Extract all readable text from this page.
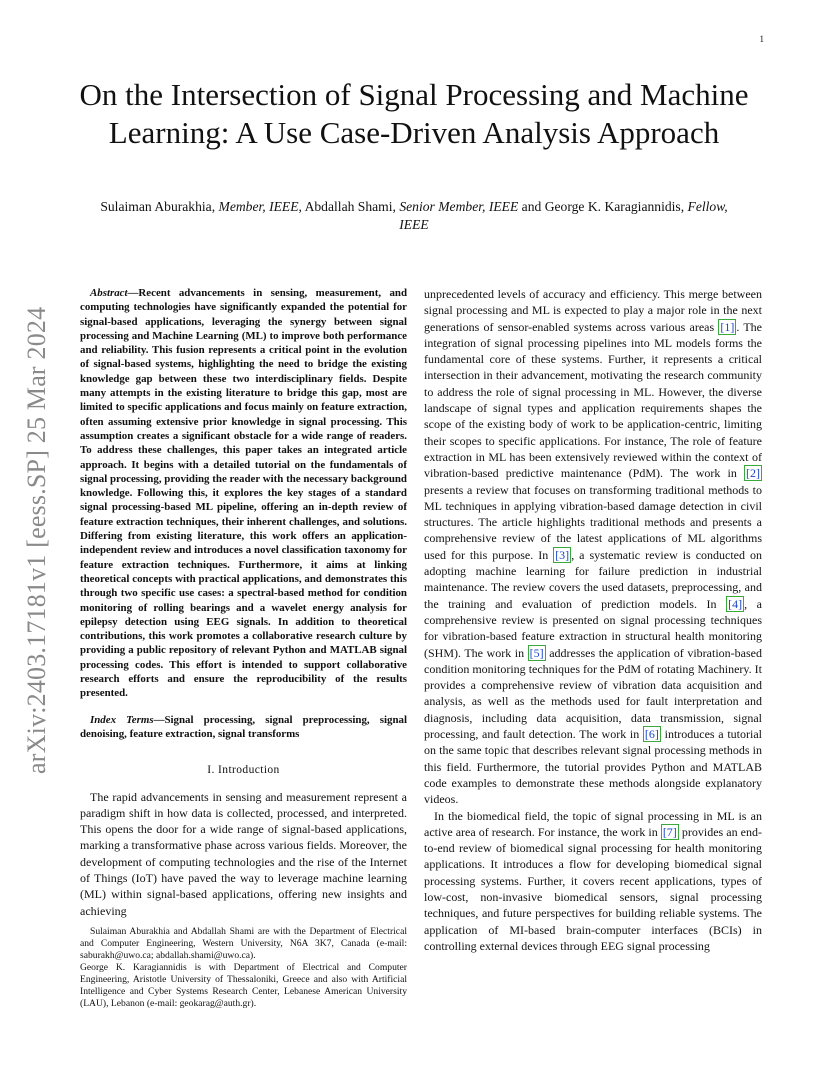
1
arXiv:2403.17181v1 [eess.SP] 25 Mar 2024
On the Intersection of Signal Processing and Machine Learning: A Use Case-Driven Analysis Approach
Sulaiman Aburakhia, Member, IEEE, Abdallah Shami, Senior Member, IEEE and George K. Karagiannidis, Fellow, IEEE

Abstract—Recent advancements in sensing, measurement, and computing technologies have significantly expanded the potential for signal-based applications, leveraging the synergy between signal processing and Machine Learning (ML) to improve both performance and reliability. This fusion represents a critical point in the evolution of signal-based systems, highlighting the need to bridge the existing knowledge gap between these two interdisciplinary fields. Despite many attempts in the existing literature to bridge this gap, most are limited to specific applications and focus mainly on feature extraction, often assuming extensive prior knowledge in signal processing. This assumption creates a significant obstacle for a wide range of readers. To address these challenges, this paper takes an integrated article approach. It begins with a detailed tutorial on the fundamentals of signal processing, providing the reader with the necessary background knowledge. Following this, it explores the key stages of a standard signal processing-based ML pipeline, offering an in-depth review of feature extraction techniques, their inherent challenges, and solutions. Differing from existing literature, this work offers an application-independent review and introduces a novel classification taxonomy for feature extraction techniques. Furthermore, it aims at linking theoretical concepts with practical applications, and demonstrates this through two specific use cases: a spectral-based method for condition monitoring of rolling bearings and a wavelet energy analysis for epilepsy detection using EEG signals. In addition to theoretical contributions, this work promotes a collaborative research culture by providing a public repository of relevant Python and MATLAB signal processing codes. This effort is intended to support collaborative research efforts and ensure the reproducibility of the results presented.

Index Terms—Signal processing, signal preprocessing, signal denoising, feature extraction, signal transforms

I. Introduction

The rapid advancements in sensing and measurement represent a paradigm shift in how data is collected, processed, and interpreted. This opens the door for a wide range of signal-based applications, marking a transformative phase across various fields. Moreover, the development of computing technologies and the rise of the Internet of Things (IoT) have paved the way to leverage machine learning (ML) within signal-based applications, offering new insights and achieving

Sulaiman Aburakhia and Abdallah Shami are with the Department of Electrical and Computer Engineering, Western University, N6A 3K7, Canada (e-mail: saburakh@uwo.ca; abdallah.shami@uwo.ca).

George K. Karagiannidis is with Department of Electrical and Computer Engineering, Aristotle University of Thessaloniki, Greece and also with Artificial Intelligence and Cyber Systems Research Center, Lebanese American University (LAU), Lebanon (e-mail: geokarag@auth.gr).

unprecedented levels of accuracy and efficiency. This merge between signal processing and ML is expected to play a major role in the next generations of sensor-enabled systems across various areas [1] . The integration of signal processing pipelines into ML models forms the fundamental core of these systems. Further, it represents a critical intersection in their advancement, motivating the research community to address the role of signal processing in ML. However, the diverse landscape of signal types and application requirements shapes the scope of the existing body of work to be application-centric, limiting their scopes to specific applications. For instance, The role of feature extraction in ML has been extensively reviewed within the context of vibration-based predictive maintenance (PdM). The work in [2] presents a review that focuses on transforming traditional methods to ML techniques in applying vibration-based damage detection in civil structures. The article highlights traditional methods and presents a comprehensive review of the latest applications of ML algorithms used for this purpose. In [3] , a systematic review is conducted on adopting machine learning for failure prediction in industrial maintenance. The review covers the used datasets, preprocessing, and the training and evaluation of prediction models. In [4] , a comprehensive review is presented on signal processing techniques for vibration-based feature extraction in structural health monitoring (SHM). The work in [5] addresses the application of vibration-based condition monitoring techniques for the PdM of rotating Machinery. It provides a comprehensive review of vibration data acquisition and analysis, as well as the methods used for fault interpretation and diagnosis, including data acquisition, data transmission, signal processing, and fault detection. The work in [6] introduces a tutorial on the same topic that describes relevant signal processing methods in this field. Furthermore, the tutorial provides Python and MATLAB code examples to demonstrate these methods alongside explanatory videos.

In the biomedical field, the topic of signal processing in ML is an active area of research. For instance, the work in [7] provides an end-to-end review of biomedical signal processing for health monitoring applications. It introduces a flow for developing biomedical signal processing systems. Further, it covers recent applications, types of low-cost, non-invasive biomedical sensors, signal processing techniques, and future perspectives for building reliable systems. The application of MI-based brain-computer interfaces (BCIs) in controlling external devices through EEG signal processing
